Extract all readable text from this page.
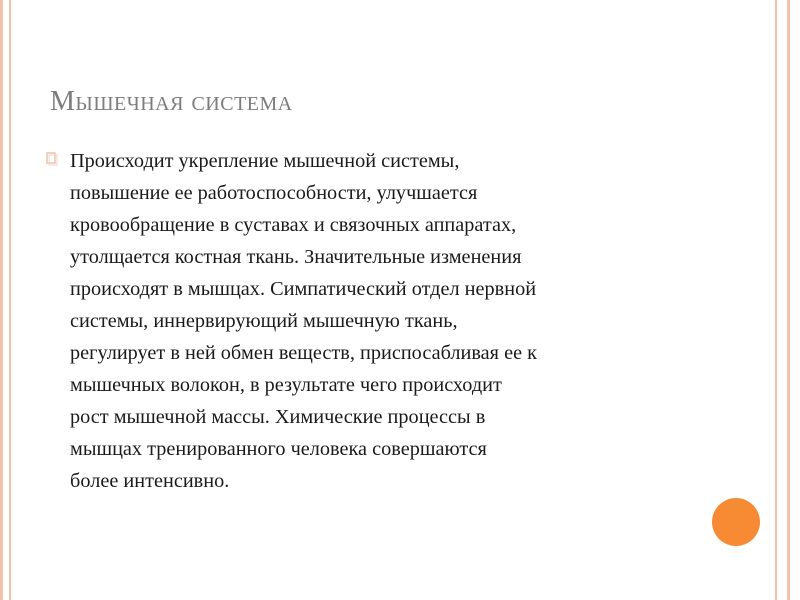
Мышечная система
Происходит укрепление мышечной системы,
повышение ее работоспособности, улучшается
кровообращение в суставах и связочных аппаратах,
утолщается костная ткань. Значительные изменения
происходят в мышцах. Симпатический отдел нервной
системы, иннервирующий мышечную ткань,
регулирует в ней обмен веществ, приспосабливая ее к
мышечных волокон, в результате чего происходит
рост мышечной массы. Химические процессы в
мышцах тренированного человека совершаются
более интенсивно.
